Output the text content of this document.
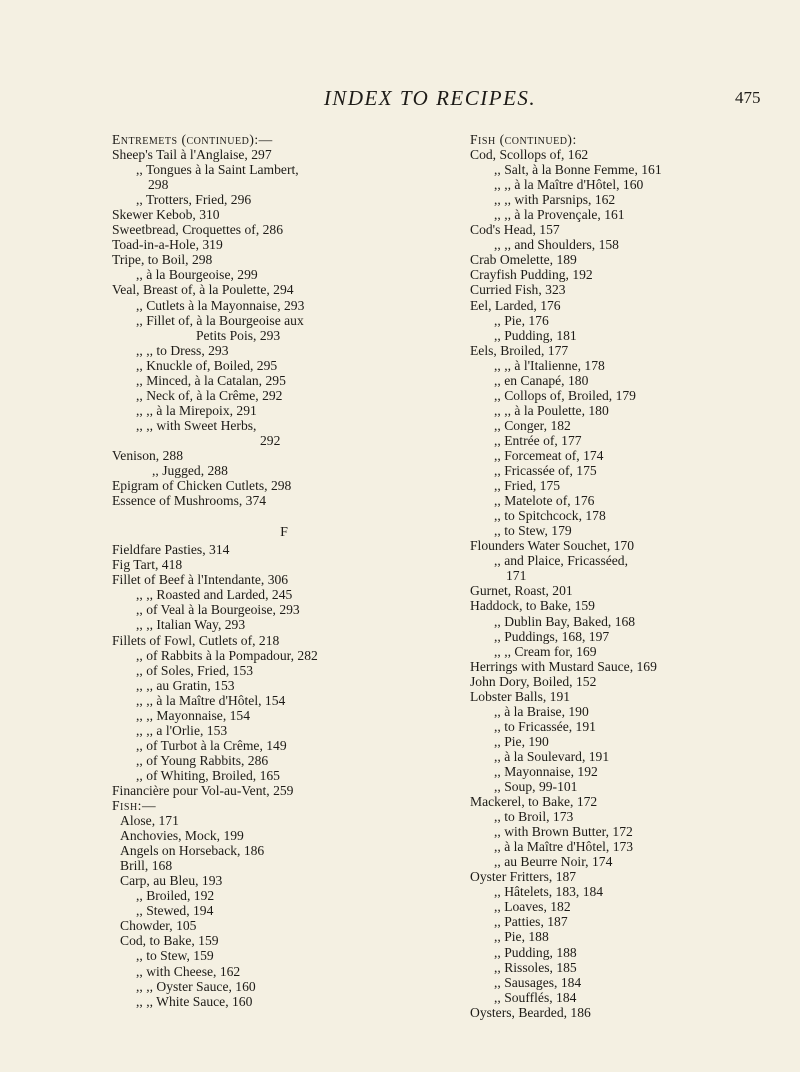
INDEX TO RECIPES.	475
Entremets (continued):—
Sheep's Tail à l'Anglaise, 297
,, Tongues à la Saint Lambert,
298
,, Trotters, Fried, 296
Skewer Kebob, 310
Sweetbread, Croquettes of, 286
Toad-in-a-Hole, 319
Tripe, to Boil, 298
,, à la Bourgeoise, 299
Veal, Breast of, à la Poulette, 294
,, Cutlets à la Mayonnaise, 293
,, Fillet of, à la Bourgeoise aux
Petits Pois, 293
,, ,, to Dress, 293
,, Knuckle of, Boiled, 295
,, Minced, à la Catalan, 295
,, Neck of, à la Crême, 292
,, ,, à la Mirepoix, 291
,, ,, with Sweet Herbs,
292
Venison, 288
,, Jugged, 288
Epigram of Chicken Cutlets, 298
Essence of Mushrooms, 374
F
Fieldfare Pasties, 314
Fig Tart, 418
Fillet of Beef à l'Intendante, 306
,, ,, Roasted and Larded, 245
,, of Veal à la Bourgeoise, 293
,, ,, Italian Way, 293
Fillets of Fowl, Cutlets of, 218
,, of Rabbits à la Pompadour, 282
,, of Soles, Fried, 153
,, ,, au Gratin, 153
,, ,, à la Maître d'Hôtel, 154
,, ,, Mayonnaise, 154
,, ,, a l'Orlie, 153
,, of Turbot à la Crême, 149
,, of Young Rabbits, 286
,, of Whiting, Broiled, 165
Financière pour Vol-au-Vent, 259
Fish:—
Alose, 171
Anchovies, Mock, 199
Angels on Horseback, 186
Brill, 168
Carp, au Bleu, 193
,, Broiled, 192
,, Stewed, 194
Chowder, 105
Cod, to Bake, 159
,, to Stew, 159
,, with Cheese, 162
,, ,, Oyster Sauce, 160
,, ,, White Sauce, 160
Fish (continued):
Cod, Scollops of, 162
,, Salt, à la Bonne Femme, 161
,, ,, à la Maître d'Hôtel, 160
,, ,, with Parsnips, 162
,, ,, à la Provençale, 161
Cod's Head, 157
,, ,, and Shoulders, 158
Crab Omelette, 189
Crayfish Pudding, 192
Curried Fish, 323
Eel, Larded, 176
,, Pie, 176
,, Pudding, 181
Eels, Broiled, 177
,, ,, à l'Italienne, 178
,, en Canapé, 180
,, Collops of, Broiled, 179
,, ,, à la Poulette, 180
,, Conger, 182
,, Entrée of, 177
,, Forcemeat of, 174
,, Fricassée of, 175
,, Fried, 175
,, Matelote of, 176
,, to Spitchcock, 178
,, to Stew, 179
Flounders Water Souchet, 170
,, and Plaice, Fricasséed,
171
Gurnet, Roast, 201
Haddock, to Bake, 159
,, Dublin Bay, Baked, 168
,, Puddings, 168, 197
,, ,, Cream for, 169
Herrings with Mustard Sauce, 169
John Dory, Boiled, 152
Lobster Balls, 191
,, à la Braise, 190
,, to Fricassée, 191
,, Pie, 190
,, à la Soulevard, 191
,, Mayonnaise, 192
,, Soup, 99-101
Mackerel, to Bake, 172
,, to Broil, 173
,, with Brown Butter, 172
,, à la Maître d'Hôtel, 173
,, au Beurre Noir, 174
Oyster Fritters, 187
,, Hâtelets, 183, 184
,, Loaves, 182
,, Patties, 187
,, Pie, 188
,, Pudding, 188
,, Rissoles, 185
,, Sausages, 184
,, Soufflés, 184
Oysters, Bearded, 186
